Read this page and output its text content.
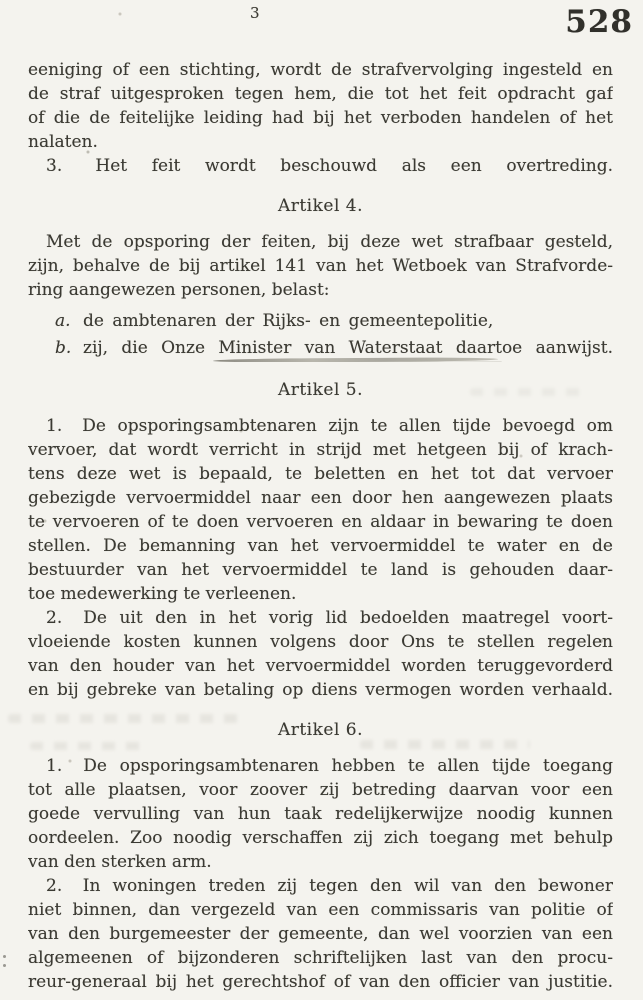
3	528
eeniging of een stichting, wordt de strafvervolging ingesteld en
de straf uitgesproken tegen hem, die tot het feit opdracht gaf
of die de feitelijke leiding had bij het verboden handelen of het
nalaten.
3.  Het feit wordt beschouwd als een overtreding.
Artikel 4.
Met de opsporing der feiten, bij deze wet strafbaar gesteld,
zijn, behalve de bij artikel 141 van het Wetboek van Strafvorde-
ring aangewezen personen, belast:
a. de ambtenaren der Rijks- en gemeentepolitie,
b. zij, die Onze Minister van Waterstaat daartoe aanwijst.
Artikel 5.
1.  De opsporingsambtenaren zijn te allen tijde bevoegd om
vervoer, dat wordt verricht in strijd met hetgeen bij of krach-
tens deze wet is bepaald, te beletten en het tot dat vervoer
gebezigde vervoermiddel naar een door hen aangewezen plaats
te vervoeren of te doen vervoeren en aldaar in bewaring te doen
stellen. De bemanning van het vervoermiddel te water en de
bestuurder van het vervoermiddel te land is gehouden daar-
toe medewerking te verleenen.
2.  De uit den in het vorig lid bedoelden maatregel voort-
vloeiende kosten kunnen volgens door Ons te stellen regelen
van den houder van het vervoermiddel worden teruggevorderd
en bij gebreke van betaling op diens vermogen worden verhaald.
Artikel 6.
1.  De opsporingsambtenaren hebben te allen tijde toegang
tot alle plaatsen, voor zoover zij betreding daarvan voor een
goede vervulling van hun taak redelijkerwijze noodig kunnen
oordeelen. Zoo noodig verschaffen zij zich toegang met behulp
van den sterken arm.
2.  In woningen treden zij tegen den wil van den bewoner
niet binnen, dan vergezeld van een commissaris van politie of
van den burgemeester der gemeente, dan wel voorzien van een
algemeenen of bijzonderen schriftelijken last van den procu-
reur-generaal bij het gerechtshof of van den officier van justitie.
